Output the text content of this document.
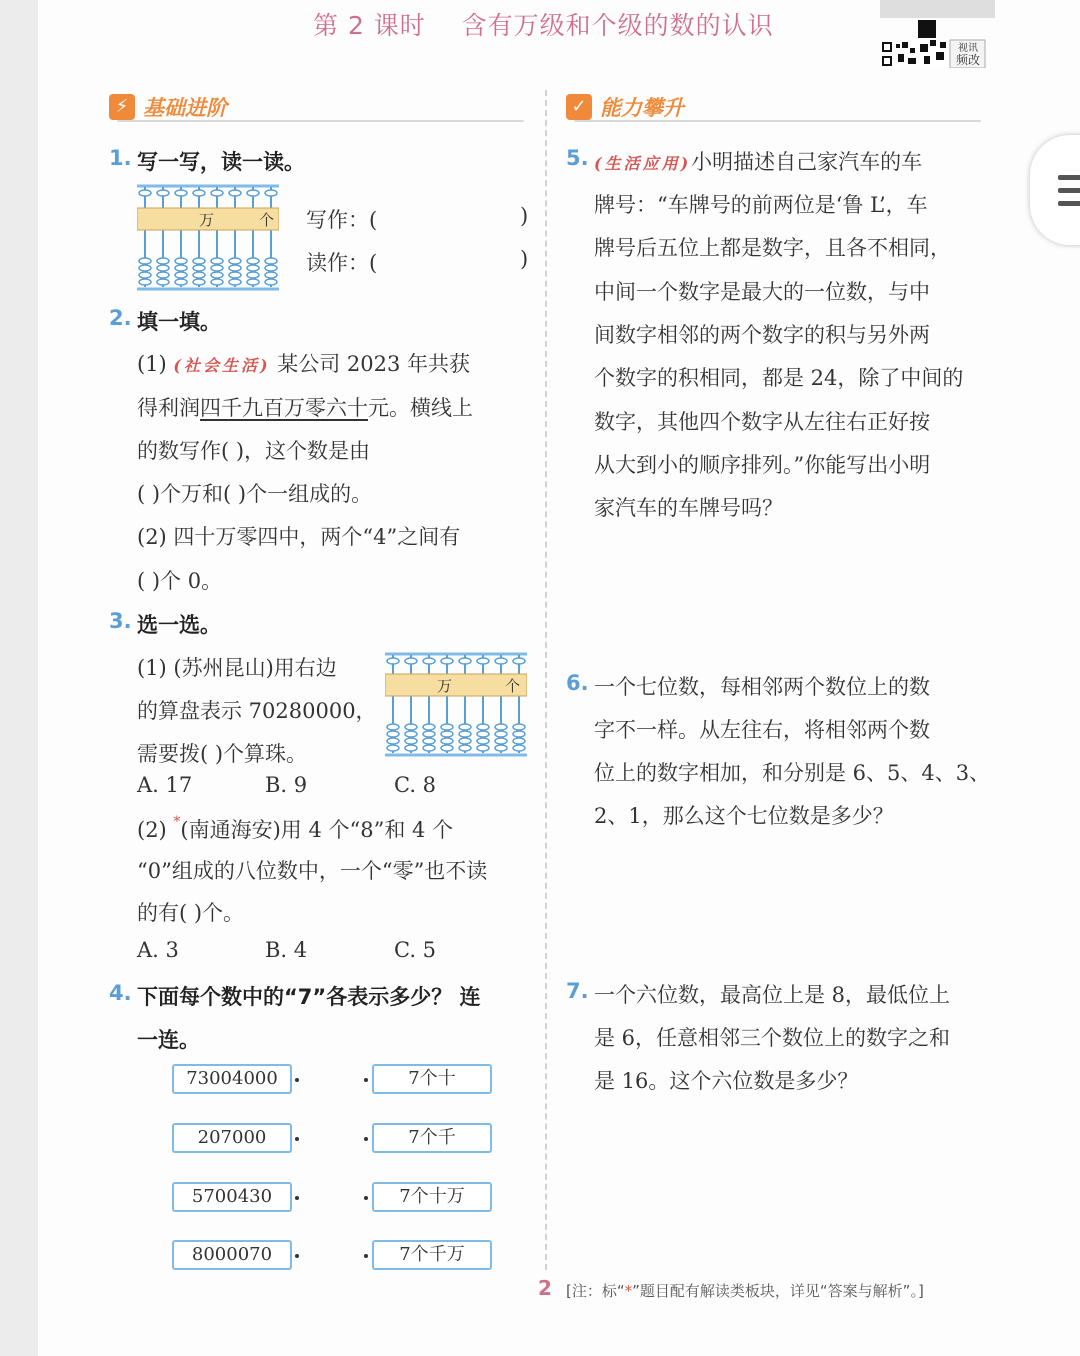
第 2 课时    含有万级和个级的数的认识
视讯
频改
⚡ 基础进阶	✓ 能力攀升
1. 写一写，读一读。
万	个 写作：(	)
读作：(	)
2. 填一填。
(1) (社会生活) 某公司 2023 年共获
得利润四千九百万零六十元。横线上
的数写作( )，这个数是由
( )个万和( )个一组成的。
(2) 四十万零四中，两个“4”之间有
( )个 0。
3. 选一选。
(1) (苏州昆山)用右边
的算盘表示 70280000，
需要拨( )个算珠。
万	个
A. 17	B. 9	C. 8
(2) *(南通海安)用 4 个“8”和 4 个
“0”组成的八位数中，一个“零”也不读
的有( )个。
A. 3	B. 4	C. 5
4. 下面每个数中的“7”各表示多少？ 连
一连。
73004000
207000
5700430
8000070
7个十
7个千
7个十万
7个千万
5. (生活应用)小明描述自己家汽车的车
牌号：“车牌号的前两位是‘鲁 L’，车
牌号后五位上都是数字，且各不相同，
中间一个数字是最大的一位数，与中
间数字相邻的两个数字的积与另外两
个数字的积相同，都是 24，除了中间的
数字，其他四个数字从左往右正好按
从大到小的顺序排列。”你能写出小明
家汽车的车牌号吗？
6. 一个七位数，每相邻两个数位上的数
字不一样。从左往右，将相邻两个数
位上的数字相加，和分别是 6、5、4、3、
2、1，那么这个七位数是多少？
7. 一个六位数，最高位上是 8，最低位上
是 6，任意相邻三个数位上的数字之和
是 16。这个六位数是多少？
2 [注：标“*”题目配有解读类板块，详见“答案与解析”。]
